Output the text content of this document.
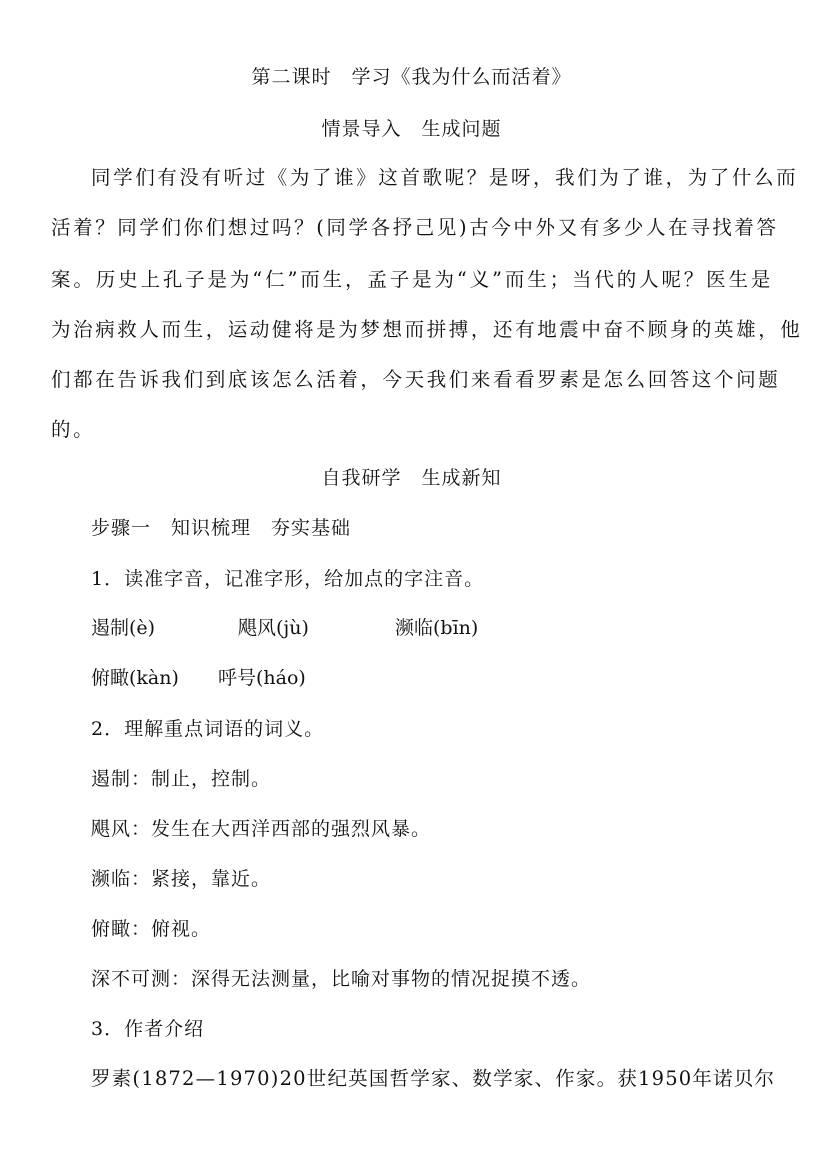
第二课时　学习《我为什么而活着》
情景导入　生成问题
同学们有没有听过《为了谁》这首歌呢？是呀，我们为了谁，为了什么而
活着？同学们你们想过吗？(同学各抒己见)古今中外又有多少人在寻找着答
案。历史上孔子是为“仁”而生，孟子是为“义”而生；当代的人呢？医生是
为治病救人而生，运动健将是为梦想而拼搏，还有地震中奋不顾身的英雄，他
们都在告诉我们到底该怎么活着，今天我们来看看罗素是怎么回答这个问题
的。
自我研学　生成新知
步骤一　知识梳理　夯实基础
1．读准字音，记准字形，给加点的字注音。
遏制(è)	飓风(jù)	濒临(bīn)
俯瞰(kàn) 呼号(háo)
2．理解重点词语的词义。
遏制：制止，控制。
飓风：发生在大西洋西部的强烈风暴。
濒临：紧接，靠近。
俯瞰：俯视。
深不可测：深得无法测量，比喻对事物的情况捉摸不透。
3．作者介绍
罗素(1872—1970)20世纪英国哲学家、数学家、作家。获1950年诺贝尔
